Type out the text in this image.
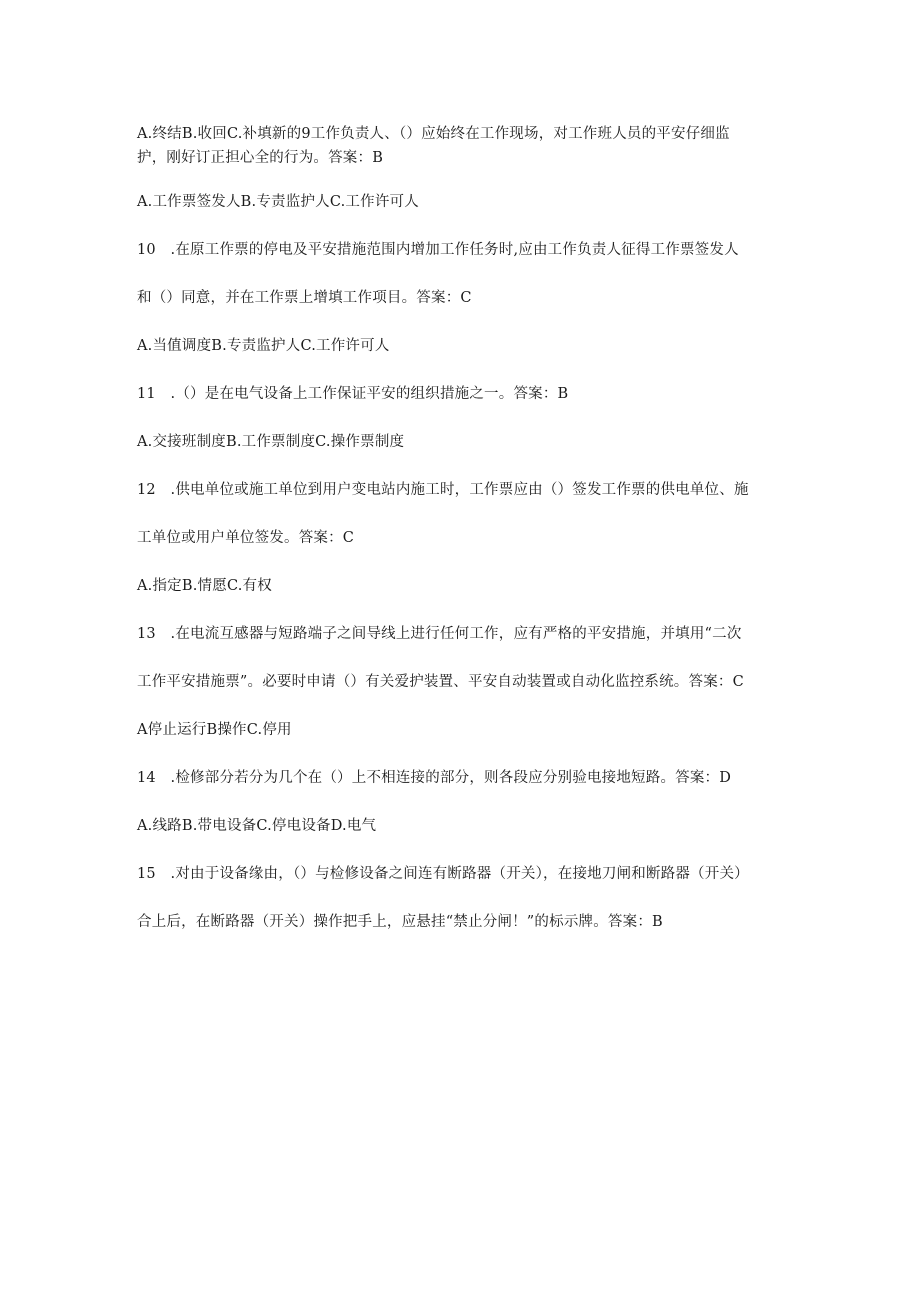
A.终结B.收回C.补填新的9工作负责人、（）应始终在工作现场，对工作班人员的平安仔细监
护，刚好订正担心全的行为。答案：B
A.工作票签发人B.专责监护人C.工作许可人
10　.在原工作票的停电及平安措施范围内增加工作任务时,应由工作负责人征得工作票签发人
和（）同意，并在工作票上增填工作项目。答案：C
A.当值调度B.专责监护人C.工作许可人
11　.（）是在电气设备上工作保证平安的组织措施之一。答案：B
A.交接班制度B.工作票制度C.操作票制度
12　.供电单位或施工单位到用户变电站内施工时，工作票应由（）签发工作票的供电单位、施
工单位或用户单位签发。答案：C
A.指定B.情愿C.有权
13　.在电流互感器与短路端子之间导线上进行任何工作，应有严格的平安措施，并填用“二次
工作平安措施票”。必要时申请（）有关爱护装置、平安自动装置或自动化监控系统。答案：C
A停止运行B操作C.停用
14　.检修部分若分为几个在（）上不相连接的部分，则各段应分别验电接地短路。答案：D
A.线路B.带电设备C.停电设备D.电气
15　.对由于设备缘由，（）与检修设备之间连有断路器（开关），在接地刀闸和断路器（开关）
合上后，在断路器（开关）操作把手上，应悬挂“禁止分闸！”的标示牌。答案：B
